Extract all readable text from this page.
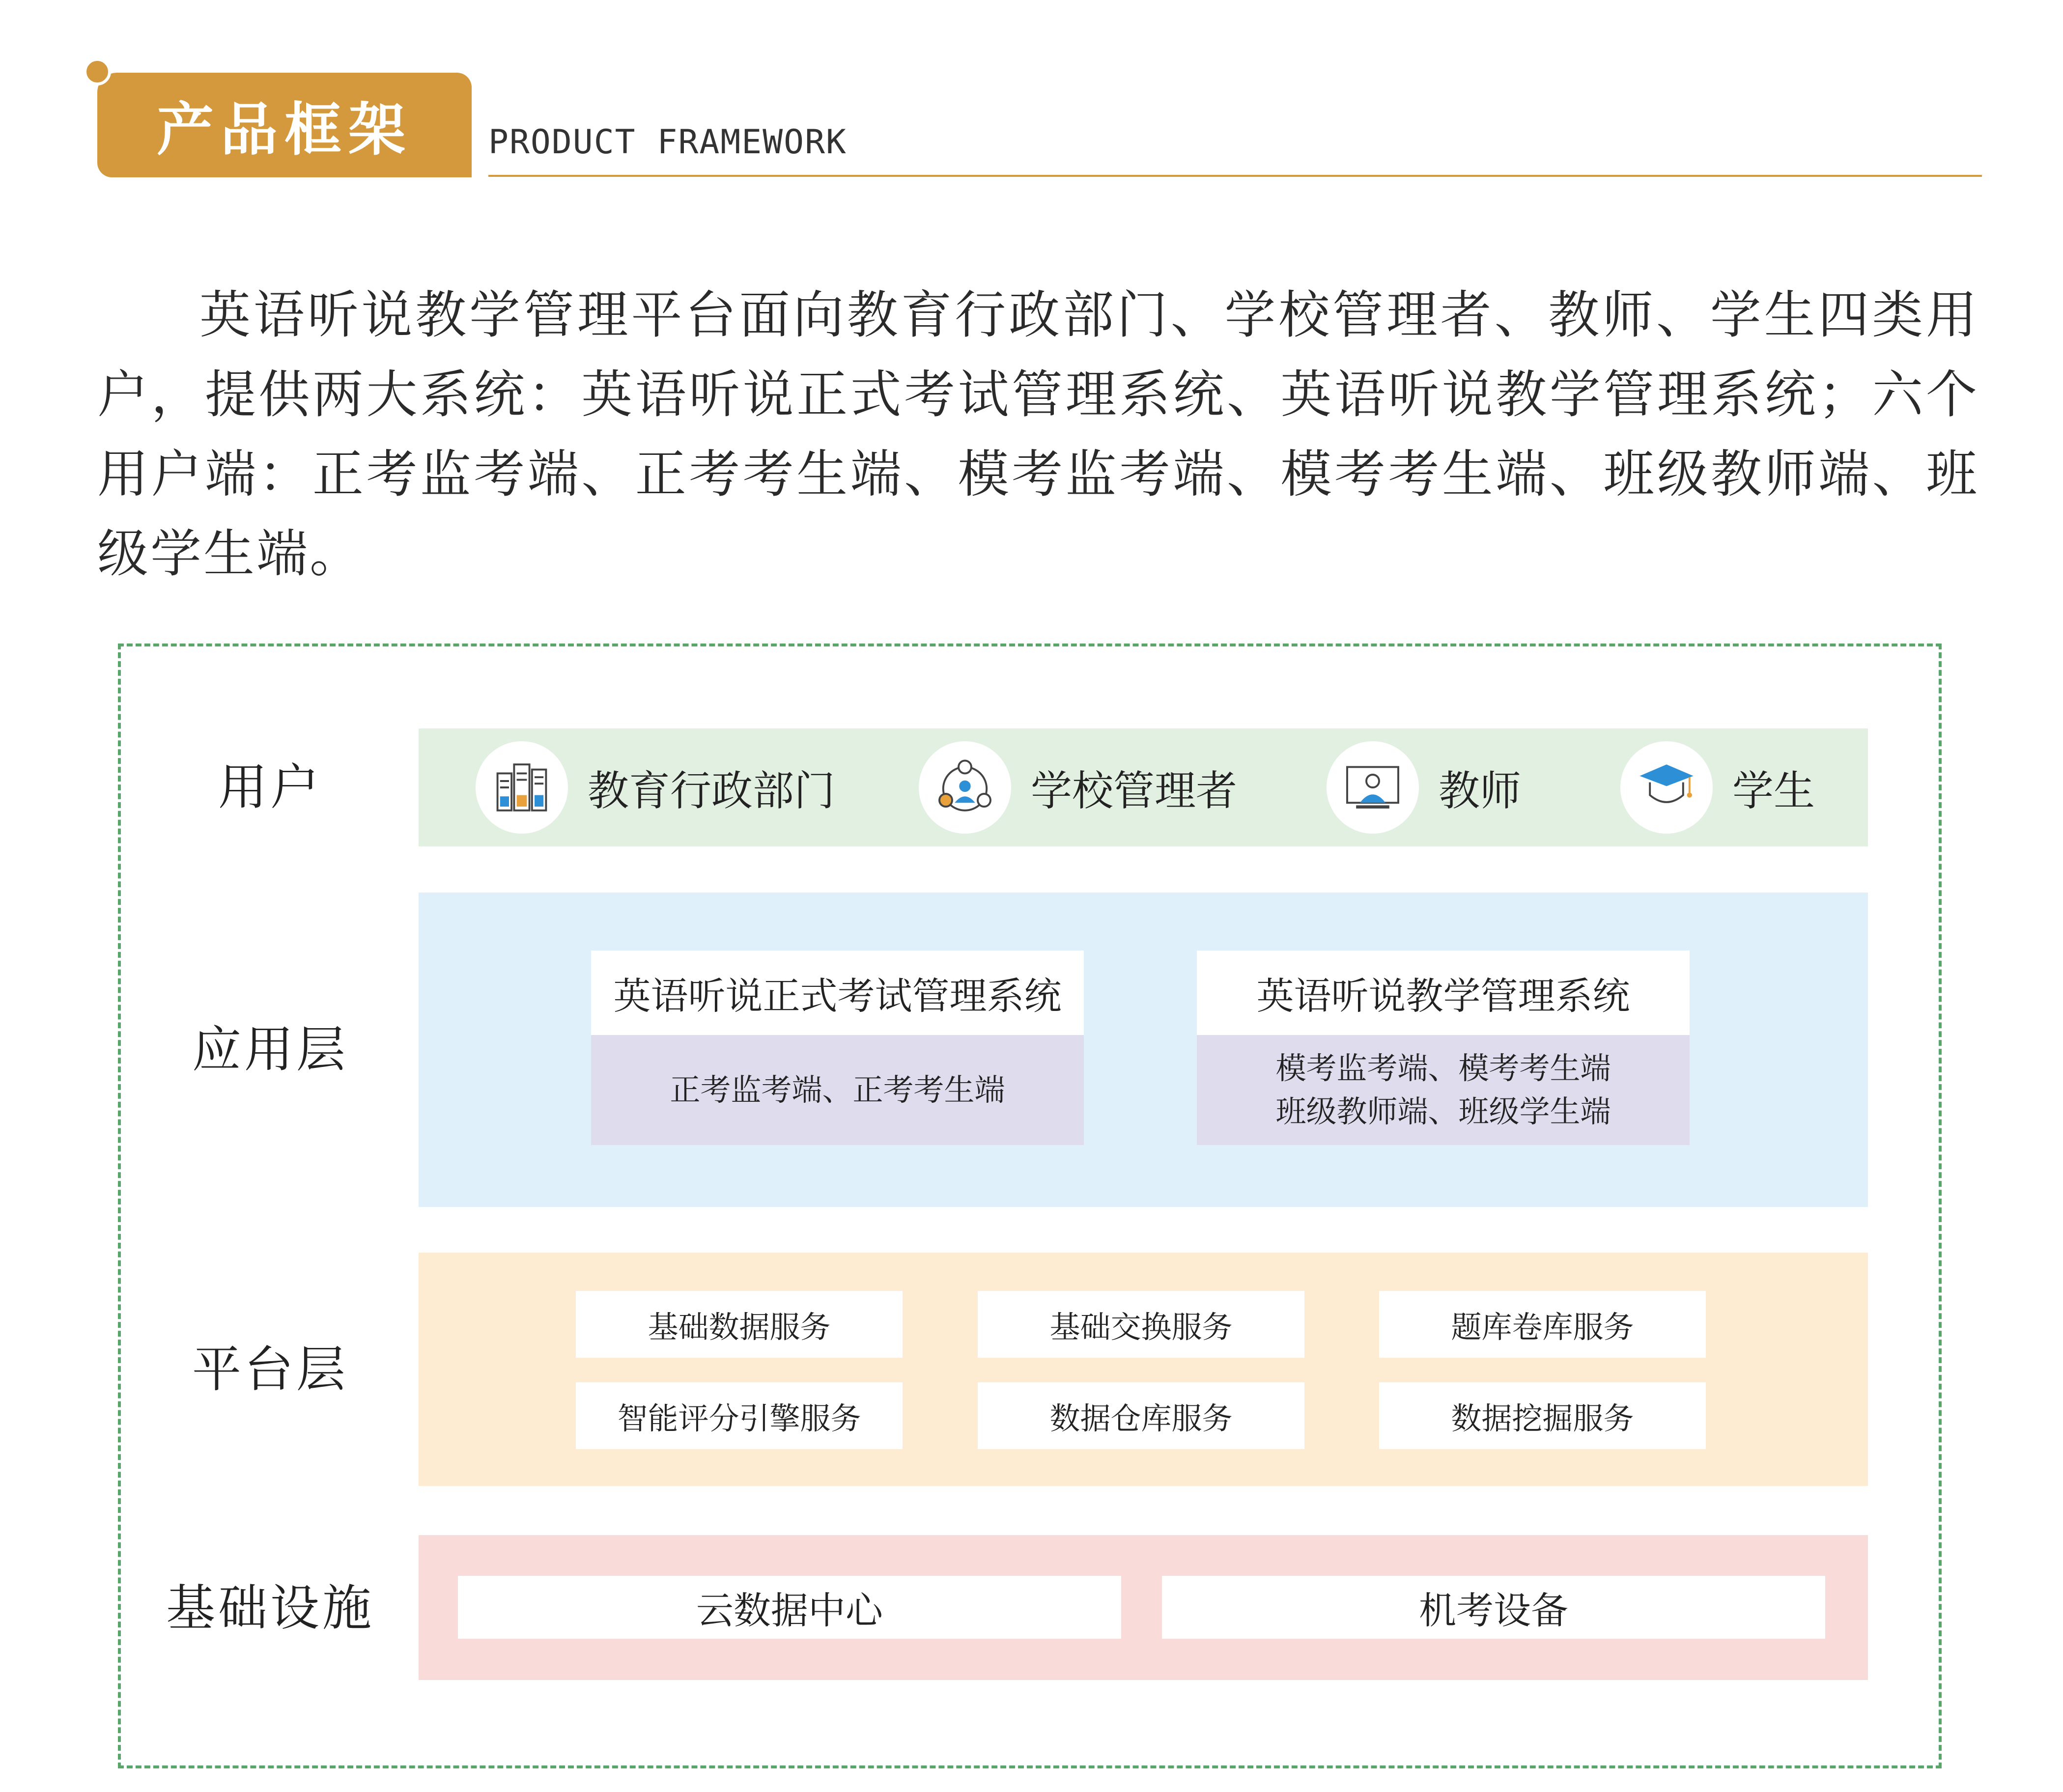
产品框架 PRODUCT FRAMEWORK

英语听说教学管理平台面向教育行政部门、学校管理者、教师、学生四类用户，提供两大系统：英语听说正式考试管理系统、英语听说教学管理系统；六个用户端：正考监考端、正考考生端、模考监考端、模考考生端、班级教师端、班级学生端。

用户	教育行政部门	学校管理者	教师	学生
应用层
英语听说正式考试管理系统
正考监考端、正考考生端
英语听说教学管理系统
模考监考端、模考考生端
班级教师端、班级学生端
平台层
基础数据服务	基础交换服务	题库卷库服务
智能评分引擎服务	数据仓库服务	数据挖掘服务
基础设施	云数据中心	机考设备
